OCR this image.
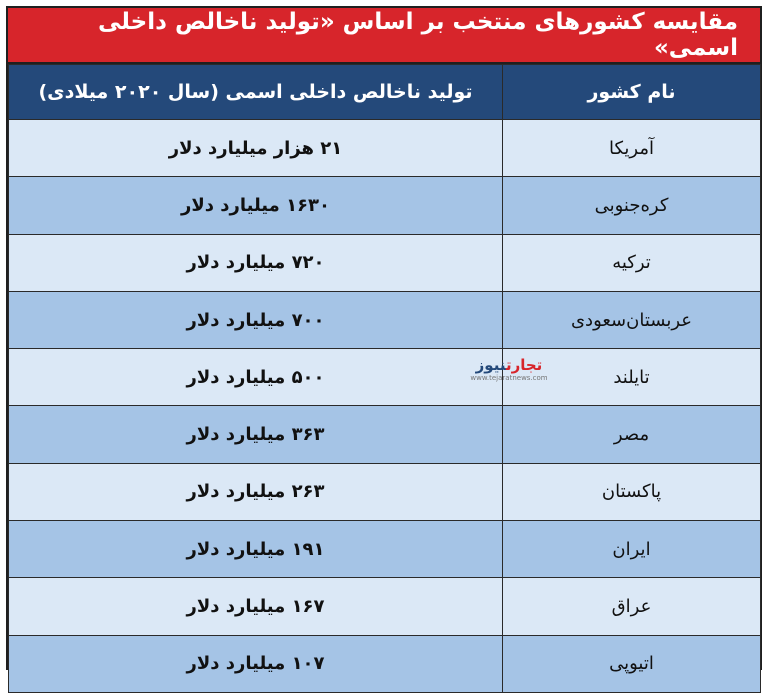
مقایسه کشورهای منتخب بر اساس «تولید ناخالص داخلی اسمی»
نام کشور	تولید ناخالص داخلی اسمی (سال ۲۰۲۰ میلادی)
آمریکا	۲۱ هزار میلیارد دلار
کره‌جنوبی	۱۶۳۰ میلیارد دلار
ترکیه	۷۲۰ میلیارد دلار
عربستان‌سعودی	۷۰۰ میلیارد دلار
تایلند	۵۰۰ میلیارد دلار
مصر	۳۶۳ میلیارد دلار
پاکستان	۲۶۳ میلیارد دلار
ایران	۱۹۱ میلیارد دلار
عراق	۱۶۷ میلیارد دلار
اتیوپی	۱۰۷ میلیارد دلار
تجارتنیوز
www.tejaratnews.com
